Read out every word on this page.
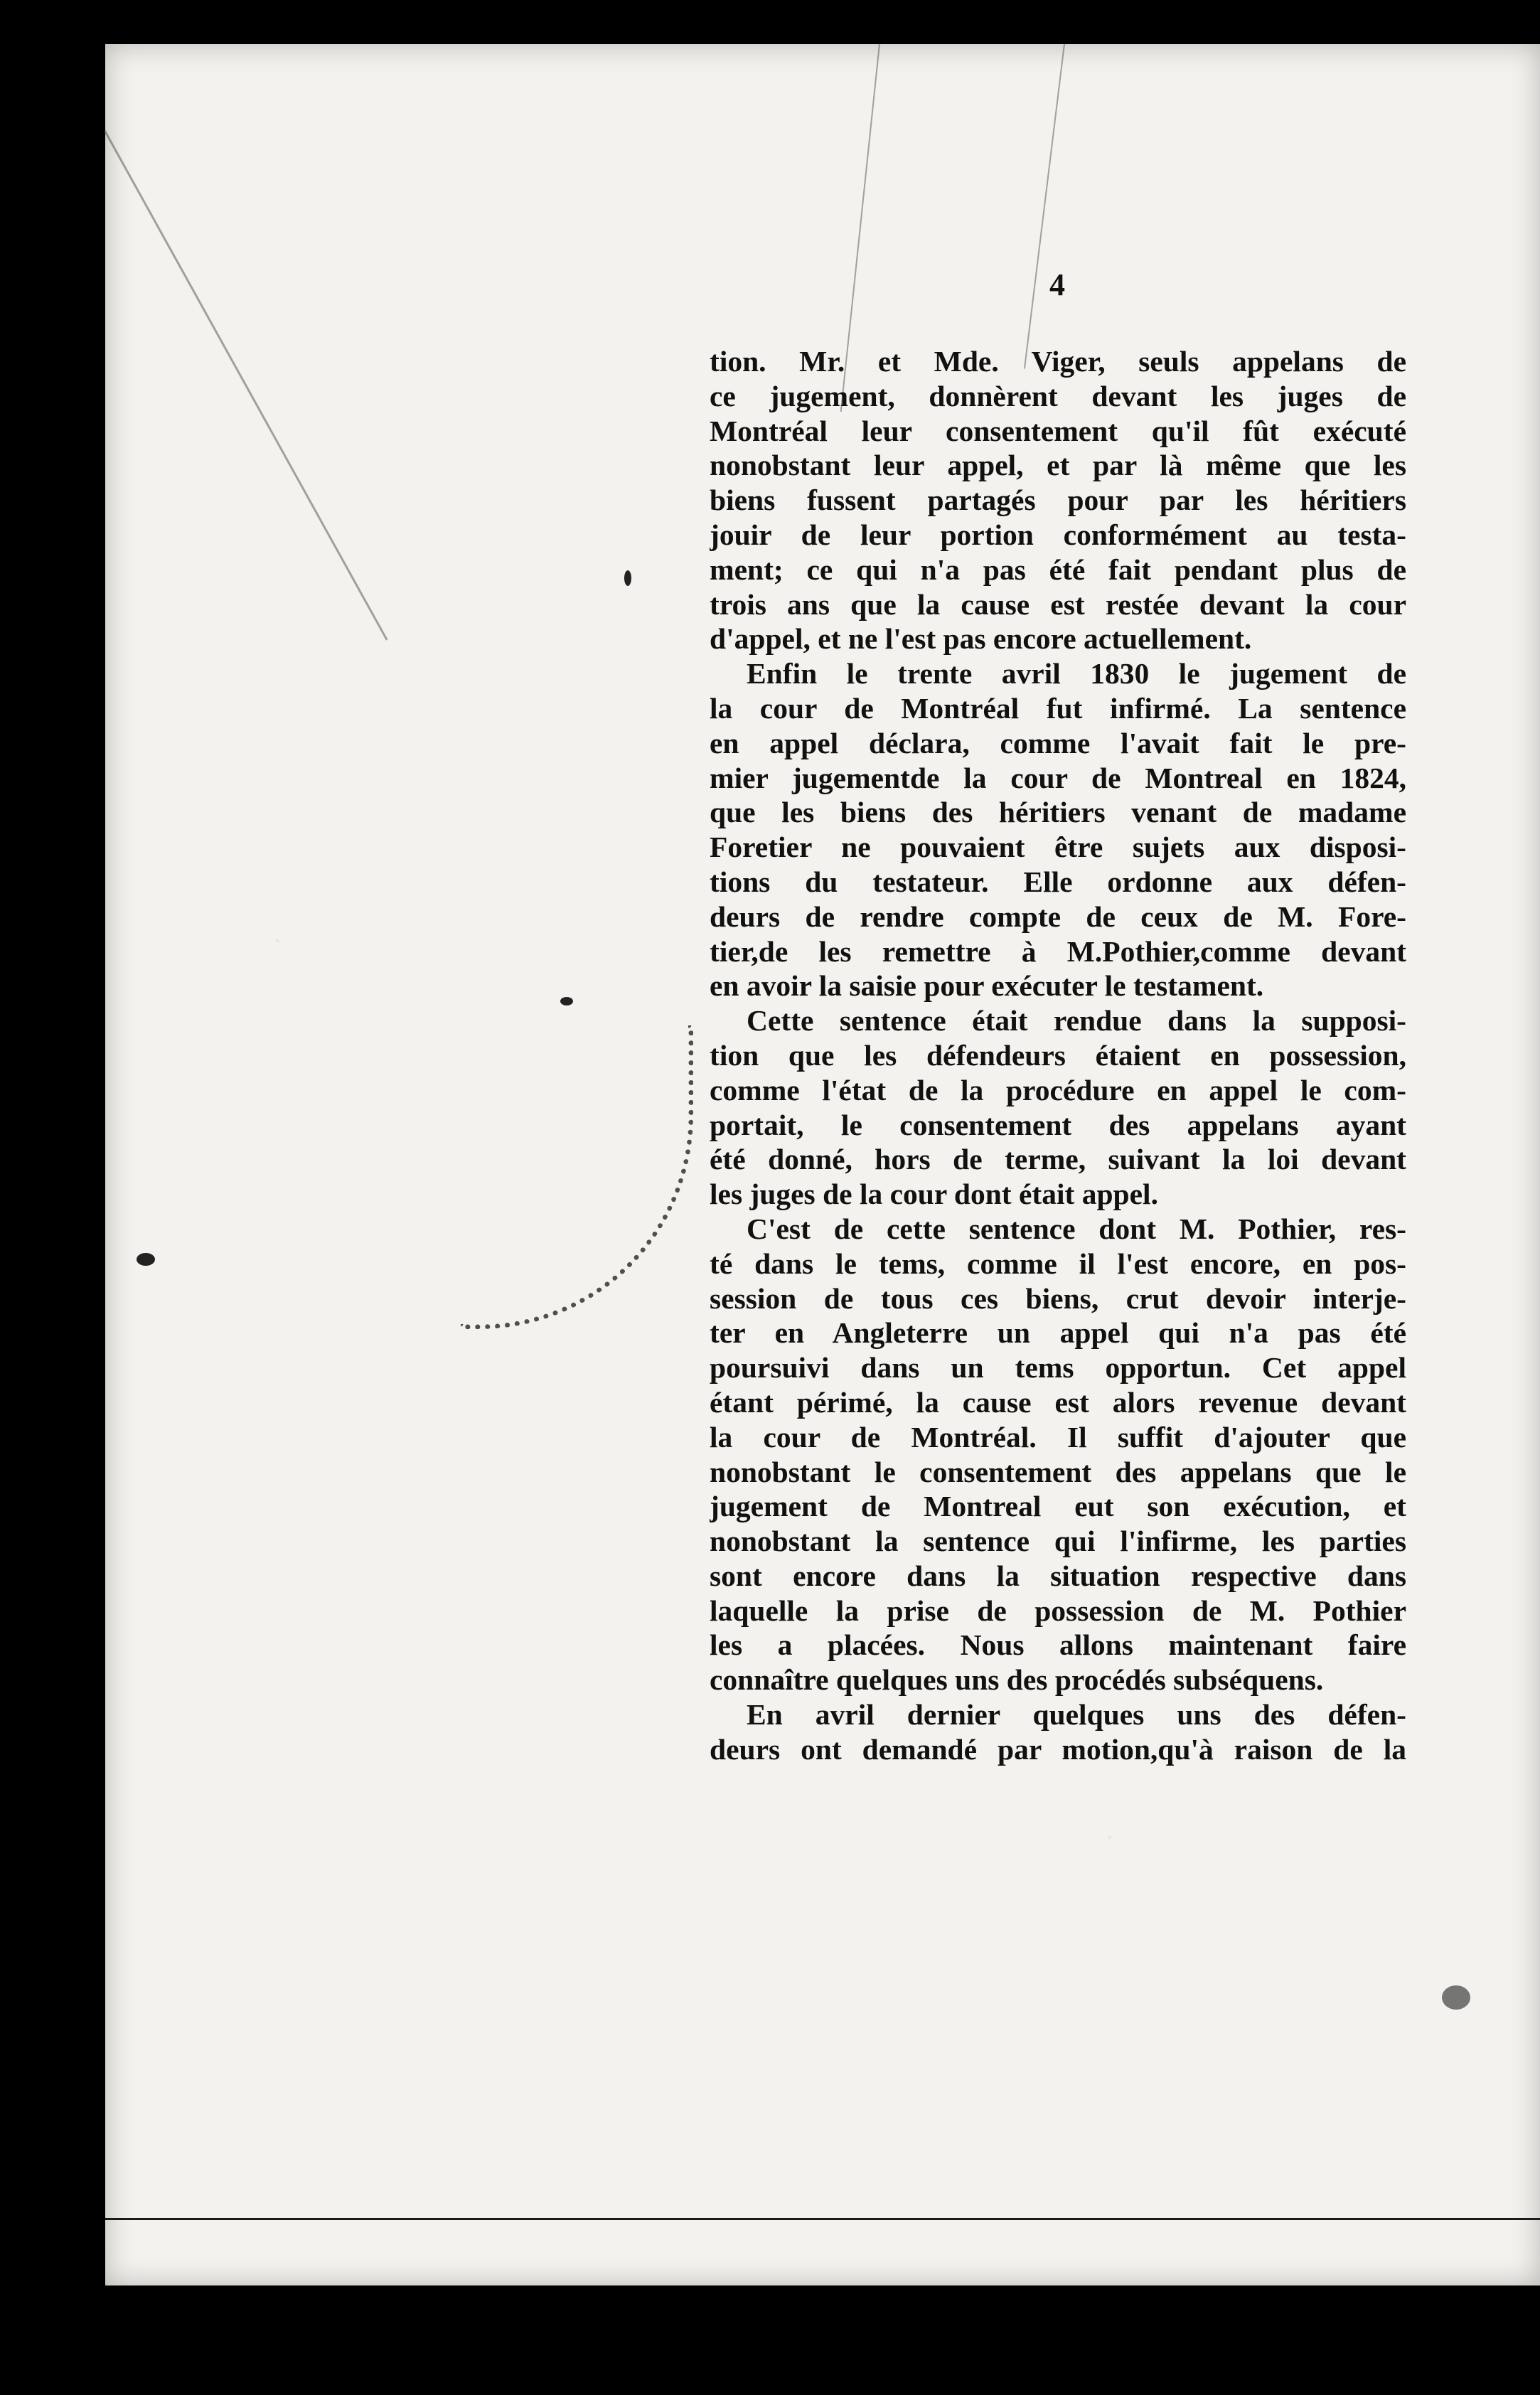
4
tion. Mr. et Mde. Viger, seuls appelans de
ce jugement, donnèrent devant les juges de
Montréal leur consentement qu'il fût exécuté
nonobstant leur appel, et par là même que les
biens fussent partagés pour par les héritiers
jouir de leur portion conformément au testa-
ment; ce qui n'a pas été fait pendant plus de
trois ans que la cause est restée devant la cour
d'appel, et ne l'est pas encore actuellement.
Enfin le trente avril 1830 le jugement de
la cour de Montréal fut infirmé. La sentence
en appel déclara, comme l'avait fait le pre-
mier jugementde la cour de Montreal en 1824,
que les biens des héritiers venant de madame
Foretier ne pouvaient être sujets aux disposi-
tions du testateur. Elle ordonne aux défen-
deurs de rendre compte de ceux de M. Fore-
tier,de les remettre à M.Pothier,comme devant
en avoir la saisie pour exécuter le testament.
Cette sentence était rendue dans la supposi-
tion que les défendeurs étaient en possession,
comme l'état de la procédure en appel le com-
portait, le consentement des appelans ayant
été donné, hors de terme, suivant la loi devant
les juges de la cour dont était appel.
C'est de cette sentence dont M. Pothier, res-
té dans le tems, comme il l'est encore, en pos-
session de tous ces biens, crut devoir interje-
ter en Angleterre un appel qui n'a pas été
poursuivi dans un tems opportun. Cet appel
étant périmé, la cause est alors revenue devant
la cour de Montréal. Il suffit d'ajouter que
nonobstant le consentement des appelans que le
jugement de Montreal eut son exécution, et
nonobstant la sentence qui l'infirme, les parties
sont encore dans la situation respective dans
laquelle la prise de possession de M. Pothier
les a placées. Nous allons maintenant faire
connaître quelques uns des procédés subséquens.
En avril dernier quelques uns des défen-
deurs ont demandé par motion,qu'à raison de la
